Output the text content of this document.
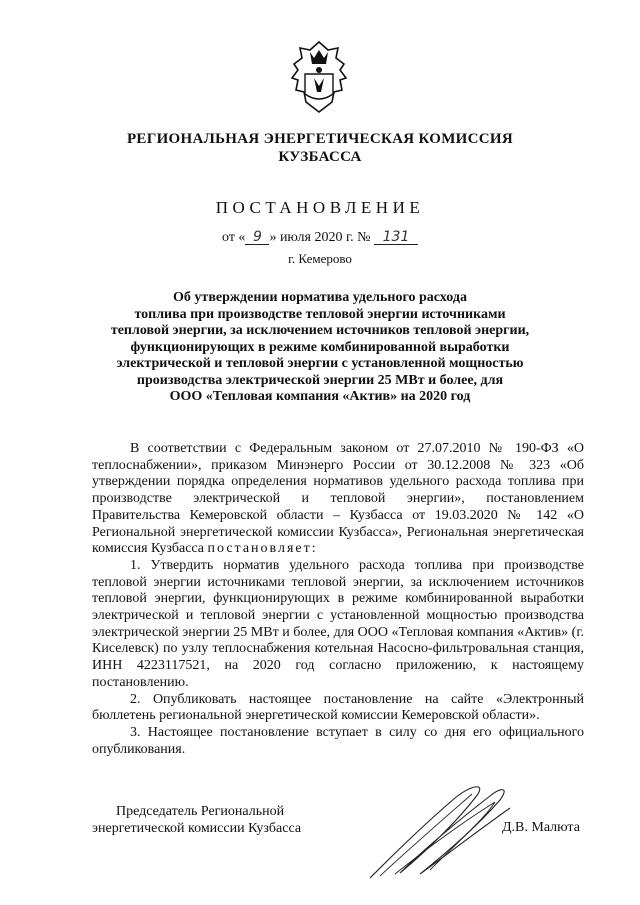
РЕГИОНАЛЬНАЯ ЭНЕРГЕТИЧЕСКАЯ КОМИССИЯ
КУЗБАССА
ПОСТАНОВЛЕНИЕ
от « 9 » июля 2020 г. № 131
г. Кемерово
Об утверждении норматива удельного расхода
топлива при производстве тепловой энергии источниками
тепловой энергии, за исключением источников тепловой энергии,
функционирующих в режиме комбинированной выработки
электрической и тепловой энергии с установленной мощностью
производства электрической энергии 25 МВт и более, для
ООО «Тепловая компания «Актив» на 2020 год

В соответствии с Федеральным законом от 27.07.2010 № 190-ФЗ «О теплоснабжении», приказом Минэнерго России от 30.12.2008 № 323 «Об утверждении порядка определения нормативов удельного расхода топлива при производстве электрической и тепловой энергии», постановлением Правительства Кемеровской области – Кузбасса от 19.03.2020 № 142 «О Региональной энергетической комиссии Кузбасса», Региональная энергетическая комиссия Кузбасса постановляет:

1. Утвердить норматив удельного расхода топлива при производстве тепловой энергии источниками тепловой энергии, за исключением источников тепловой энергии, функционирующих в режиме комбинированной выработки электрической и тепловой энергии с установленной мощностью производства электрической энергии 25 МВт и более, для ООО «Тепловая компания «Актив» (г. Киселевск) по узлу теплоснабжения котельная Насосно-фильтровальная станция, ИНН 4223117521, на 2020 год согласно приложению, к настоящему постановлению.

2. Опубликовать настоящее постановление на сайте «Электронный бюллетень региональной энергетической комиссии Кемеровской области».

3. Настоящее постановление вступает в силу со дня его официального опубликования.

Председатель Региональной
энергетической комиссии Кузбасса	Д.В. Малюта
